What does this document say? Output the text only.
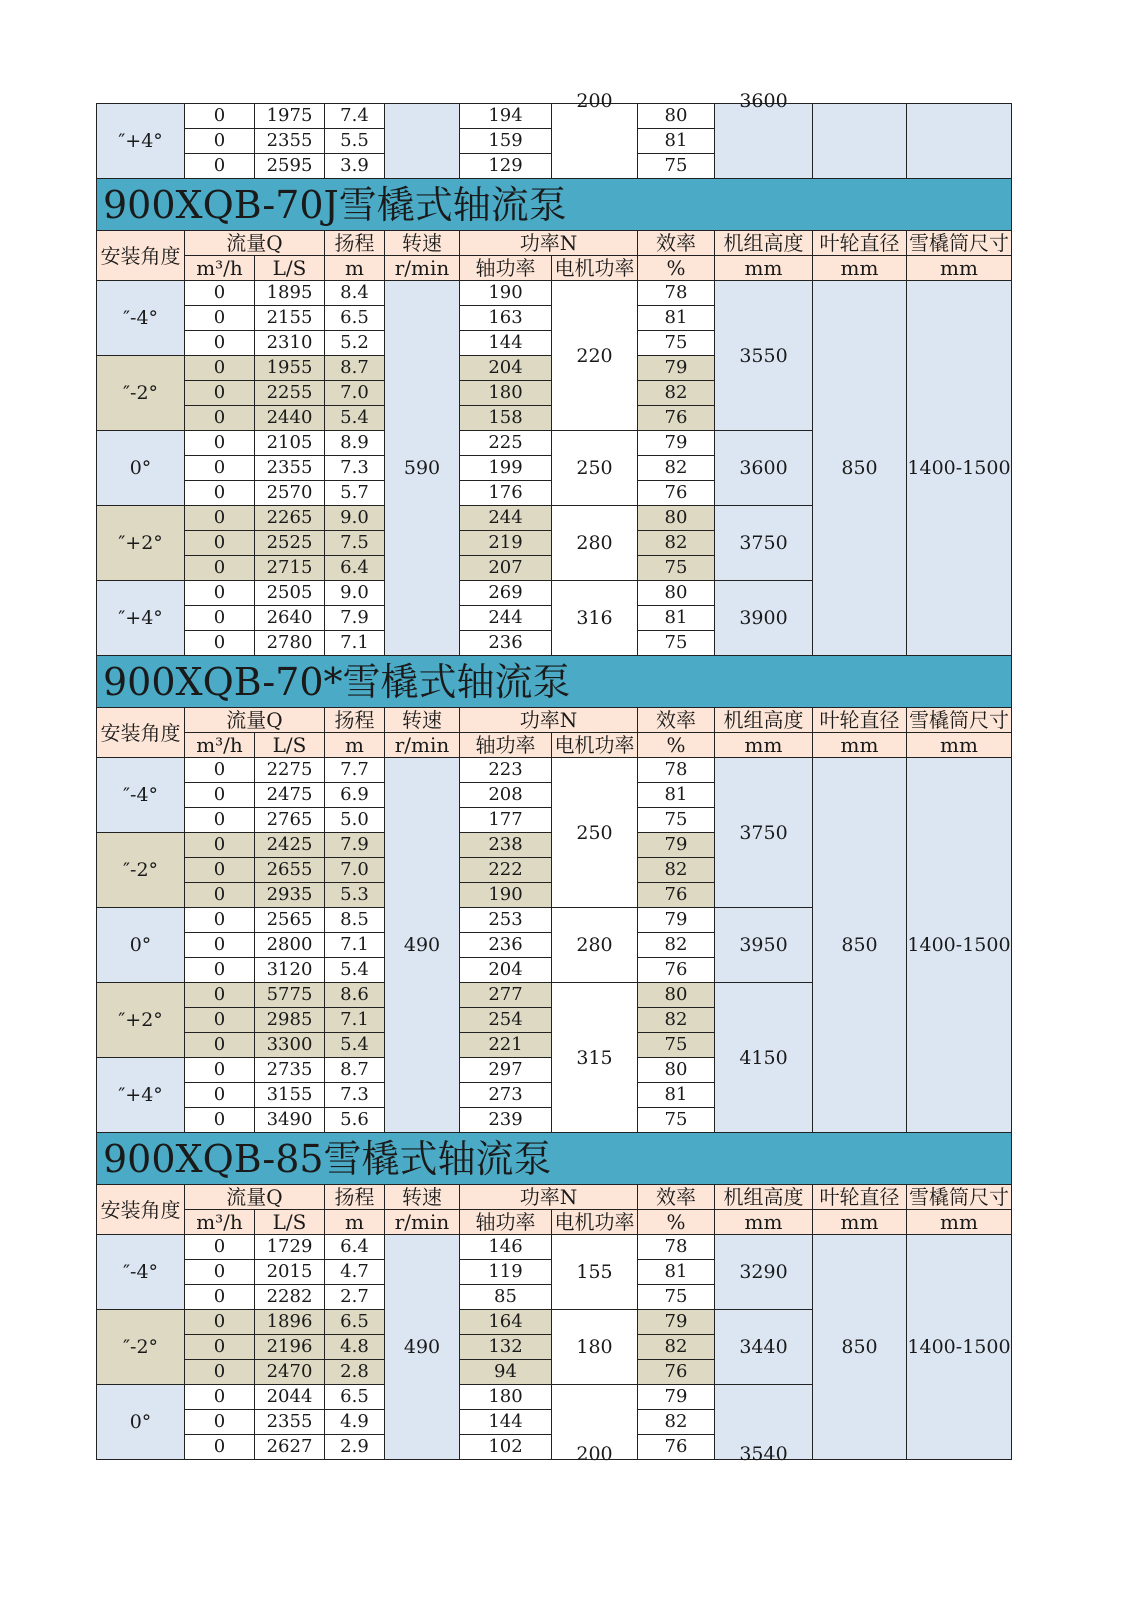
″+4°	0	1975	7.4		194	200	80	3600		

	0	2355	5.5		159		81			
	0	2595	3.9		129		75			
900XQB-70J雪橇式轴流泵										
安装角度	流量Q		扬程	转速	功率N		效率	机组高度	叶轮直径	雪橇筒尺寸
	m³/h	L/S	m	r/min	轴功率	电机功率	%	mm	mm	mm
″-4°	0	1895	8.4	590	190	220	78	3550	850	1400-1500
	0	2155	6.5		163		81			
	0	2310	5.2		144		75			
″-2°	0	1955	8.7		204		79			
	0	2255	7.0		180		82			
	0	2440	5.4		158		76			
0°	0	2105	8.9		225	250	79	3600		
	0	2355	7.3		199		82			
	0	2570	5.7		176		76			
″+2°	0	2265	9.0		244	280	80	3750		
	0	2525	7.5		219		82			
	0	2715	6.4		207		75			
″+4°	0	2505	9.0		269	316	80	3900		
	0	2640	7.9		244		81			
	0	2780	7.1		236		75			
900XQB-70*雪橇式轴流泵										
安装角度	流量Q		扬程	转速	功率N		效率	机组高度	叶轮直径	雪橇筒尺寸
	m³/h	L/S	m	r/min	轴功率	电机功率	%	mm	mm	mm
″-4°	0	2275	7.7	490	223	250	78	3750	850	1400-1500
	0	2475	6.9		208		81			
	0	2765	5.0		177		75			
″-2°	0	2425	7.9		238		79			
	0	2655	7.0		222		82			
	0	2935	5.3		190		76			
0°	0	2565	8.5		253	280	79	3950		
	0	2800	7.1		236		82			
	0	3120	5.4		204		76			
″+2°	0	5775	8.6		277	315	80	4150		
	0	2985	7.1		254		82			
	0	3300	5.4		221		75			
″+4°	0	2735	8.7		297		80			
	0	3155	7.3		273		81			
	0	3490	5.6		239		75			
900XQB-85雪橇式轴流泵										
安装角度	流量Q		扬程	转速	功率N		效率	机组高度	叶轮直径	雪橇筒尺寸
	m³/h	L/S	m	r/min	轴功率	电机功率	%	mm	mm	mm
″-4°	0	1729	6.4	490	146	155	78	3290	850	1400-1500
	0	2015	4.7		119		81			
	0	2282	2.7		85		75			
″-2°	0	1896	6.5		164	180	79	3440		
	0	2196	4.8		132		82			
	0	2470	2.8		94		76			
0°	0	2044	6.5		180	200	79	3540		
	0	2355	4.9		144		82			
	0	2627	2.9		102		76			
